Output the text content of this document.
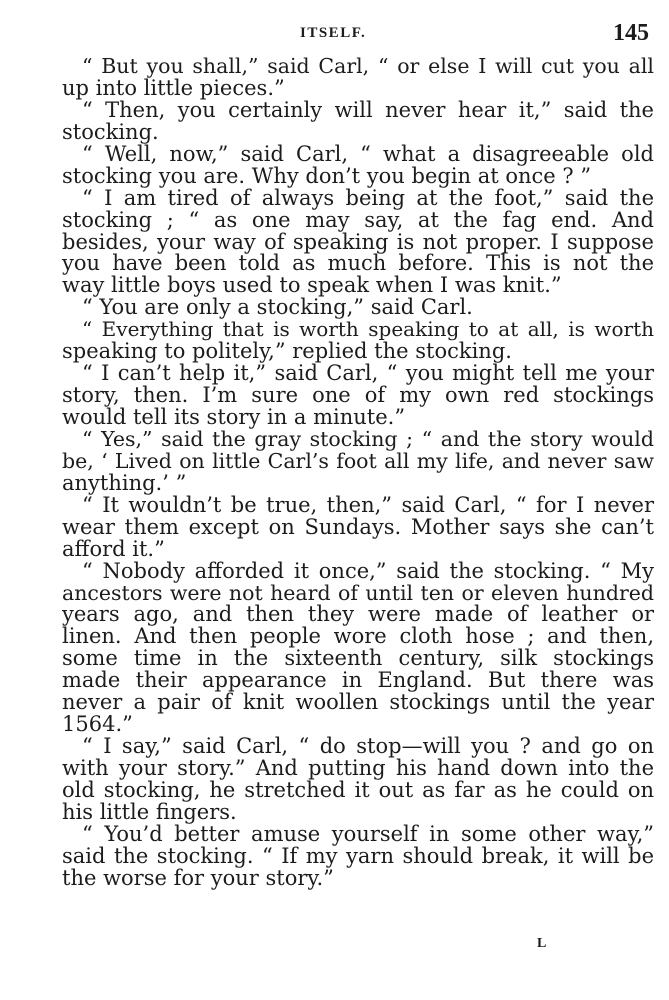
ITSELF.	145
“ But you shall,” said Carl, “ or else I will cut you all
up into little pieces.”
“ Then, you certainly will never hear it,” said the
stocking.
“ Well, now,” said Carl, “ what a disagreeable old
stocking you are. Why don’t you begin at once ? ”
“ I am tired of always being at the foot,” said the
stocking ; “ as one may say, at the fag end. And
besides, your way of speaking is not proper. I suppose
you have been told as much before. This is not the
way little boys used to speak when I was knit.”
“ You are only a stocking,” said Carl.
“ Everything that is worth speaking to at all, is worth
speaking to politely,” replied the stocking.
“ I can’t help it,” said Carl, “ you might tell me your
story, then. I’m sure one of my own red stockings
would tell its story in a minute.”
“ Yes,” said the gray stocking ; “ and the story would
be, ‘ Lived on little Carl’s foot all my life, and never saw
anything.’ ”
“ It wouldn’t be true, then,” said Carl, “ for I never
wear them except on Sundays. Mother says she can’t
afford it.”
“ Nobody afforded it once,” said the stocking. “ My
ancestors were not heard of until ten or eleven hundred
years ago, and then they were made of leather or
linen. And then people wore cloth hose ; and then,
some time in the sixteenth century, silk stockings
made their appearance in England. But there was
never a pair of knit woollen stockings until the year
1564.”
“ I say,” said Carl, “ do stop—will you ? and go on
with your story.” And putting his hand down into the
old stocking, he stretched it out as far as he could on
his little fingers.
“ You’d better amuse yourself in some other way,”
said the stocking. “ If my yarn should break, it will be
the worse for your story.”
L
